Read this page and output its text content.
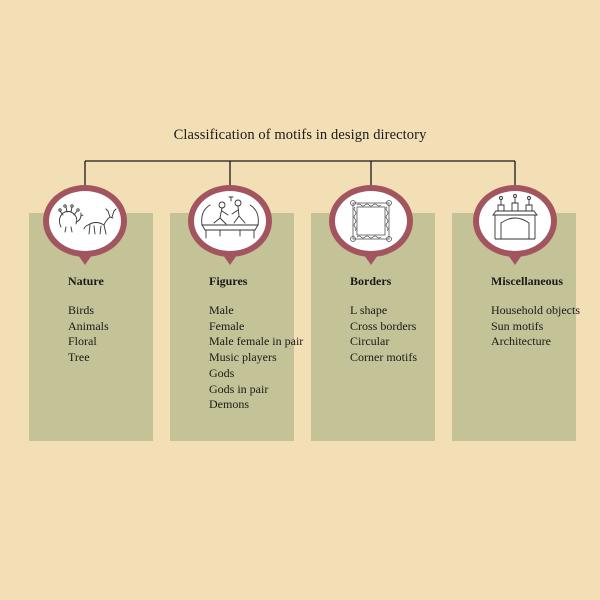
Classification of motifs in design directory
Nature
Birds
Animals
Floral
Tree
Figures
Male
Female
Male female in pair
Music players
Gods
Gods in pair
Demons
Borders
L shape
Cross borders
Circular
Corner motifs
Miscellaneous
Household objects
Sun motifs
Architecture
